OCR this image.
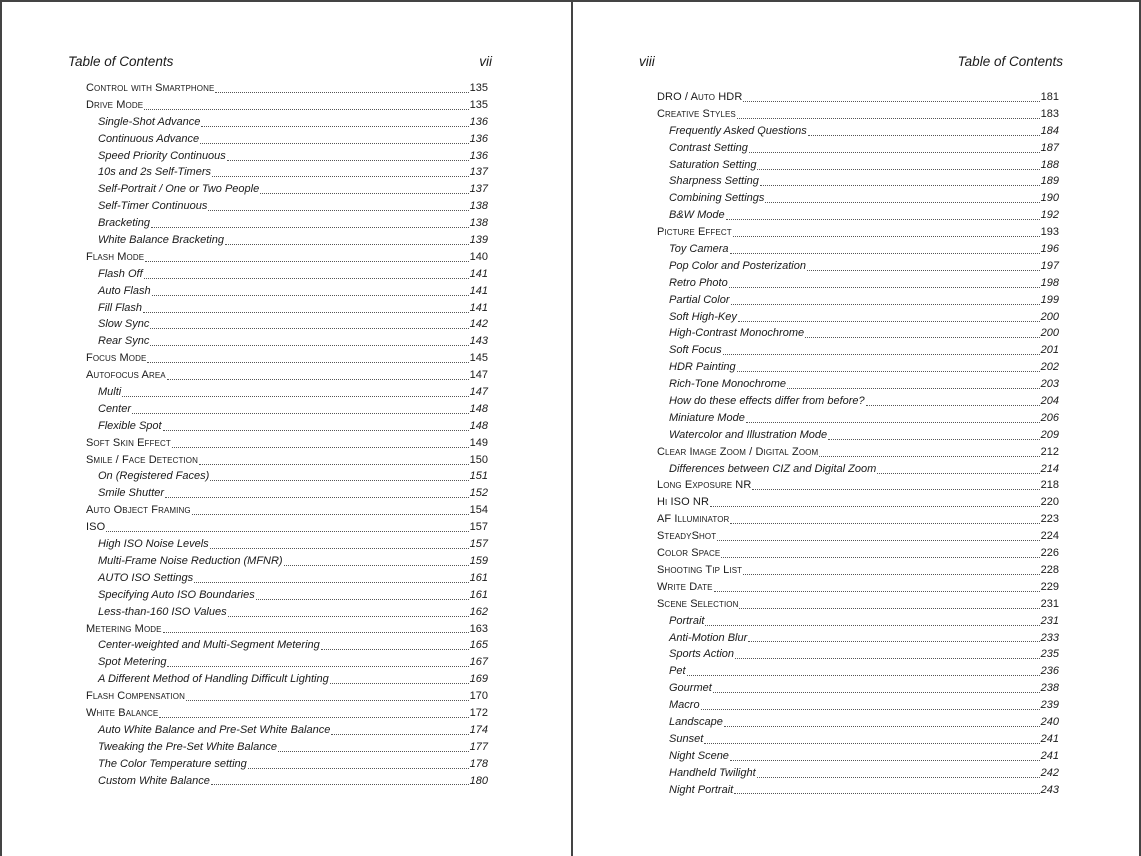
Table of Contents	vii
Control with Smartphone	135
Drive Mode	135
Single-Shot Advance	136
Continuous Advance	136
Speed Priority Continuous	136
10s and 2s Self-Timers	137
Self-Portrait / One or Two People	137
Self-Timer Continuous	138
Bracketing	138
White Balance Bracketing	139
Flash Mode	140
Flash Off	141
Auto Flash	141
Fill Flash	141
Slow Sync	142
Rear Sync	143
Focus Mode	145
Autofocus Area	147
Multi	147
Center	148
Flexible Spot	148
Soft Skin Effect	149
Smile / Face Detection	150
On (Registered Faces)	151
Smile Shutter	152
Auto Object Framing	154
ISO	157
High ISO Noise Levels	157
Multi-Frame Noise Reduction (MFNR)	159
AUTO ISO Settings	161
Specifying Auto ISO Boundaries	161
Less-than-160 ISO Values	162
Metering Mode	163
Center-weighted and Multi-Segment Metering	165
Spot Metering	167
A Different Method of Handling Difficult Lighting	169
Flash Compensation	170
White Balance	172
Auto White Balance and Pre-Set White Balance	174
Tweaking the Pre-Set White Balance	177
The Color Temperature setting	178
Custom White Balance	180
viii	Table of Contents
DRO / Auto HDR	181
Creative Styles	183
Frequently Asked Questions	184
Contrast Setting	187
Saturation Setting	188
Sharpness Setting	189
Combining Settings	190
B&W Mode	192
Picture Effect	193
Toy Camera	196
Pop Color and Posterization	197
Retro Photo	198
Partial Color	199
Soft High-Key	200
High-Contrast Monochrome	200
Soft Focus	201
HDR Painting	202
Rich-Tone Monochrome	203
How do these effects differ from before?	204
Miniature Mode	206
Watercolor and Illustration Mode	209
Clear Image Zoom / Digital Zoom	212
Differences between CIZ and Digital Zoom	214
Long Exposure NR	218
Hi ISO NR	220
AF Illuminator	223
SteadyShot	224
Color Space	226
Shooting Tip List	228
Write Date	229
Scene Selection	231
Portrait	231
Anti-Motion Blur	233
Sports Action	235
Pet	236
Gourmet	238
Macro	239
Landscape	240
Sunset	241
Night Scene	241
Handheld Twilight	242
Night Portrait	243
